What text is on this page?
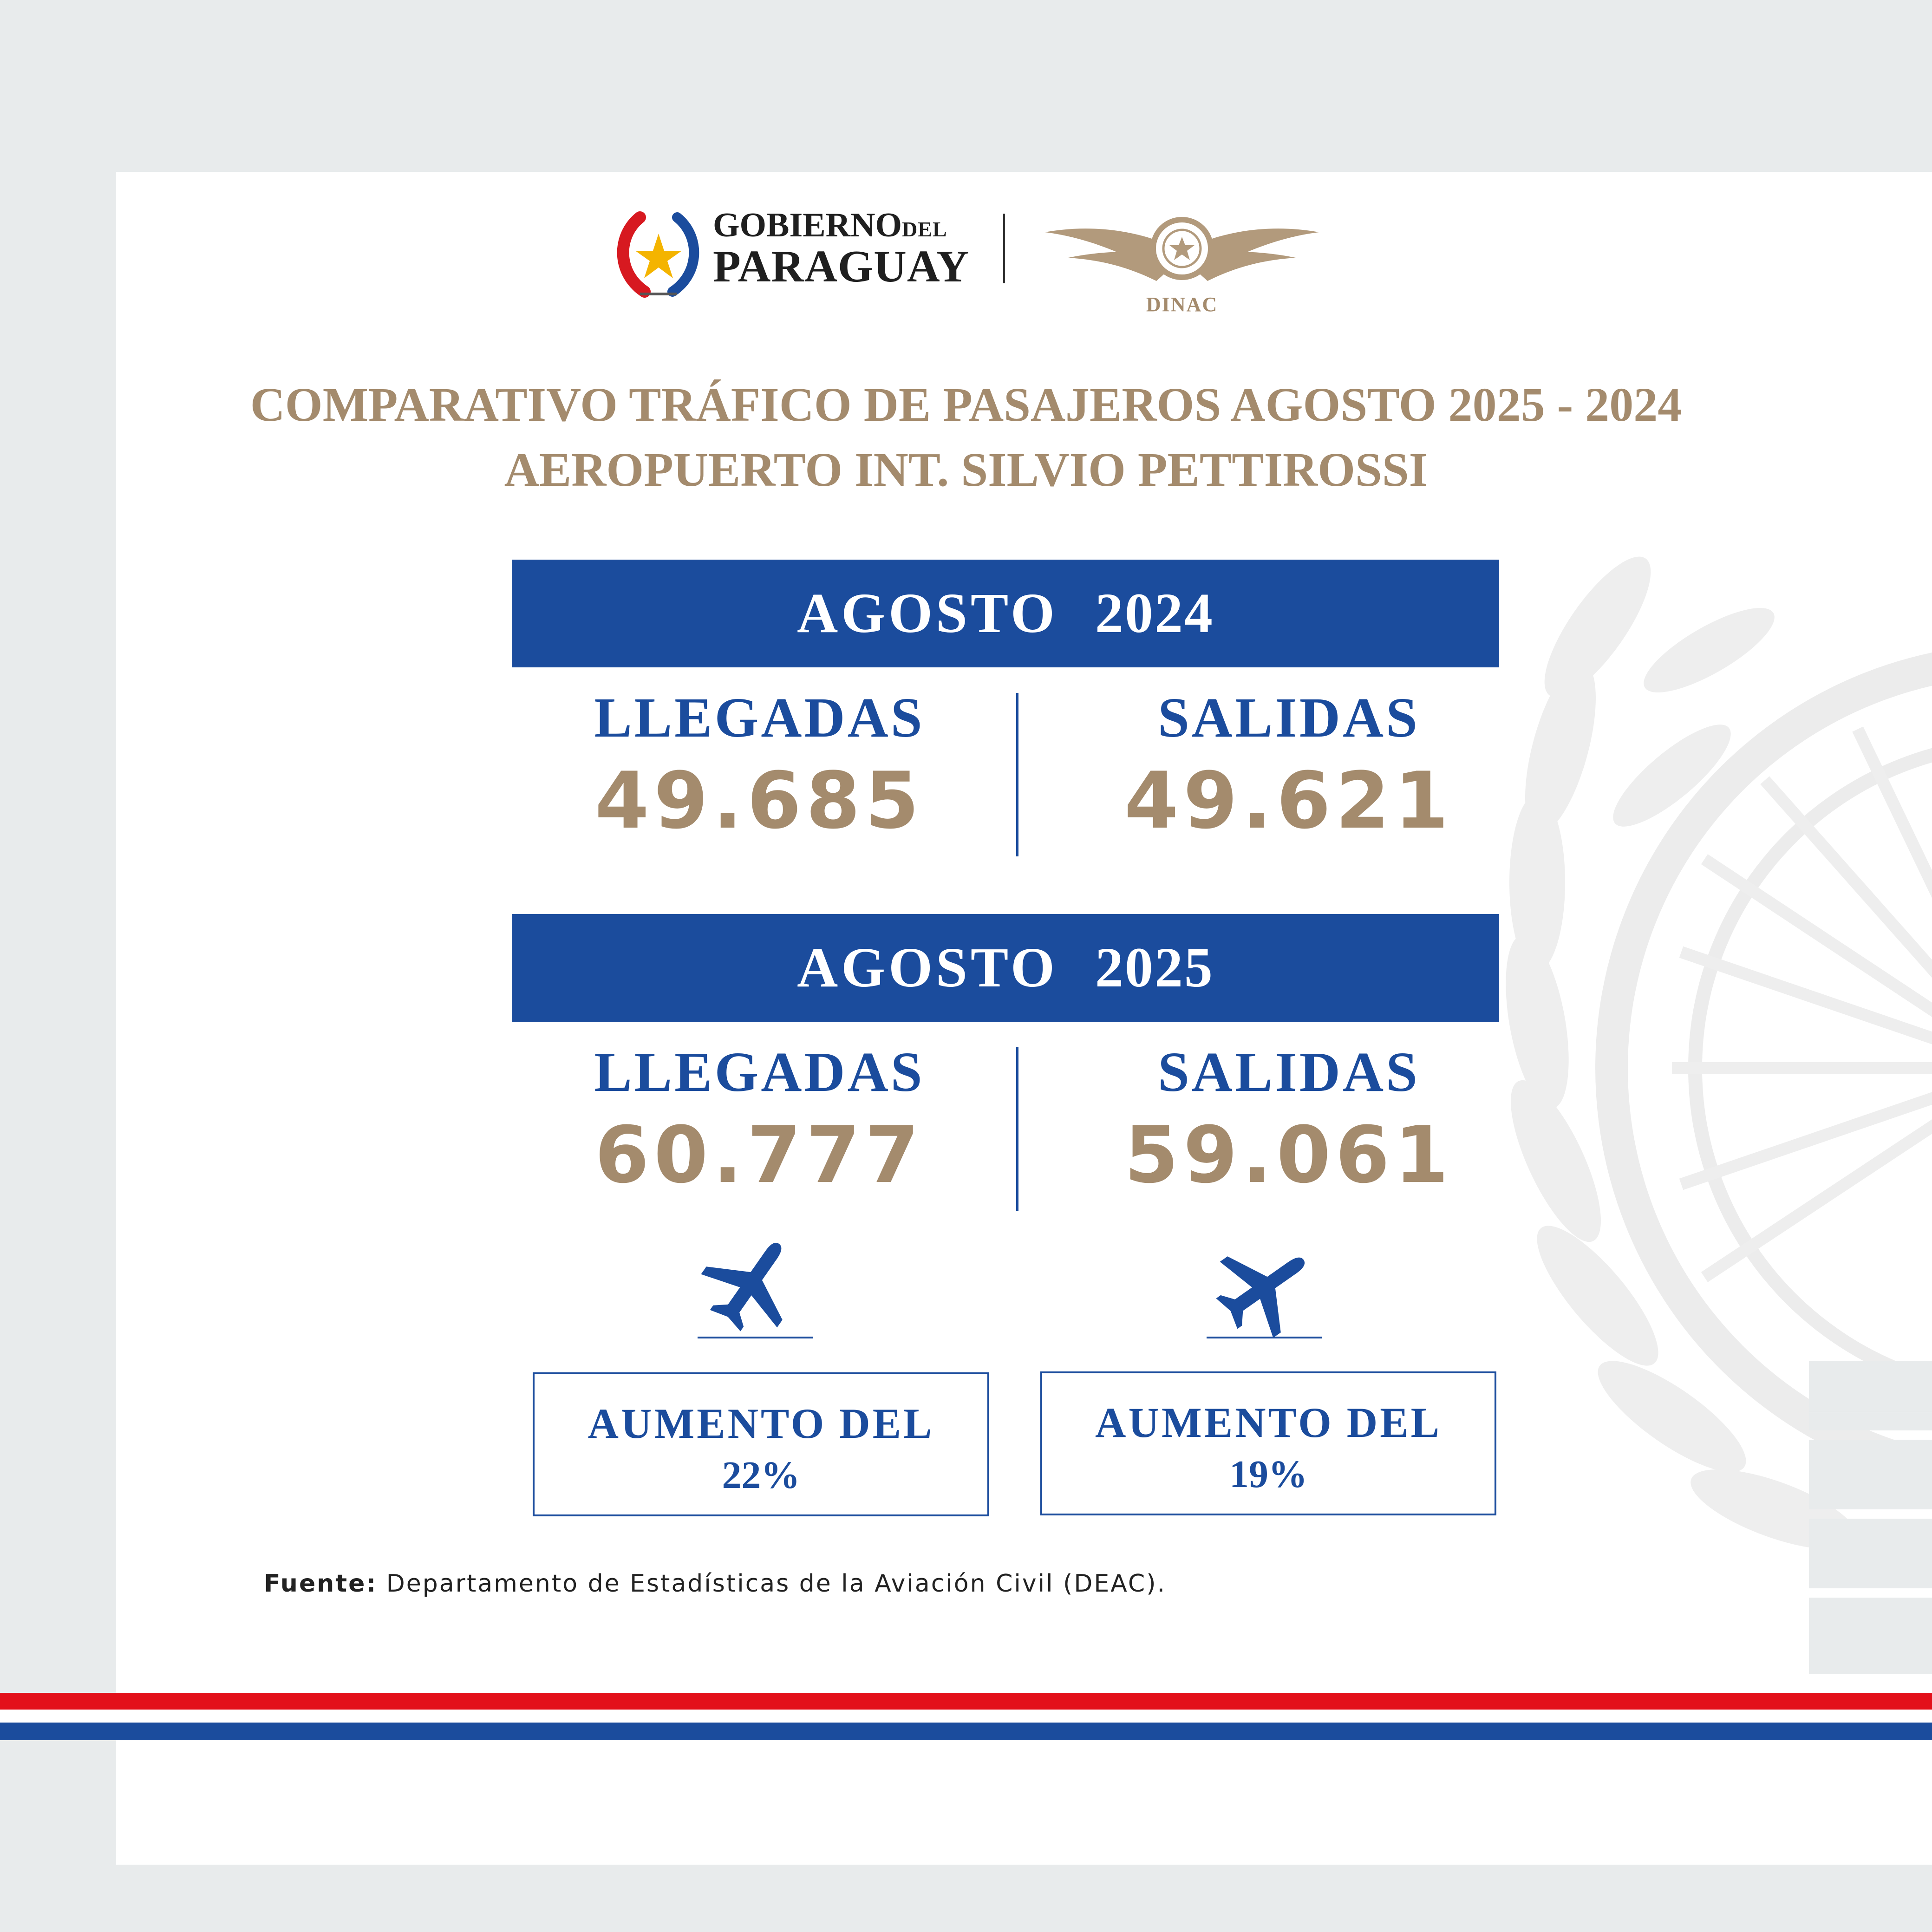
GOBIERNODEL
PARAGUAY
DINAC
COMPARATIVO TRÁFICO DE PASAJEROS AGOSTO 2025 - 2024
AEROPUERTO INT. SILVIO PETTIROSSI
AGOSTO 2024
LLEGADAS
49.685
SALIDAS
49.621
AGOSTO 2025
LLEGADAS
60.777
SALIDAS
59.061
AUMENTO DEL
22%
AUMENTO DEL
19%
Fuente: Departamento de Estadísticas de la Aviación Civil (DEAC).
